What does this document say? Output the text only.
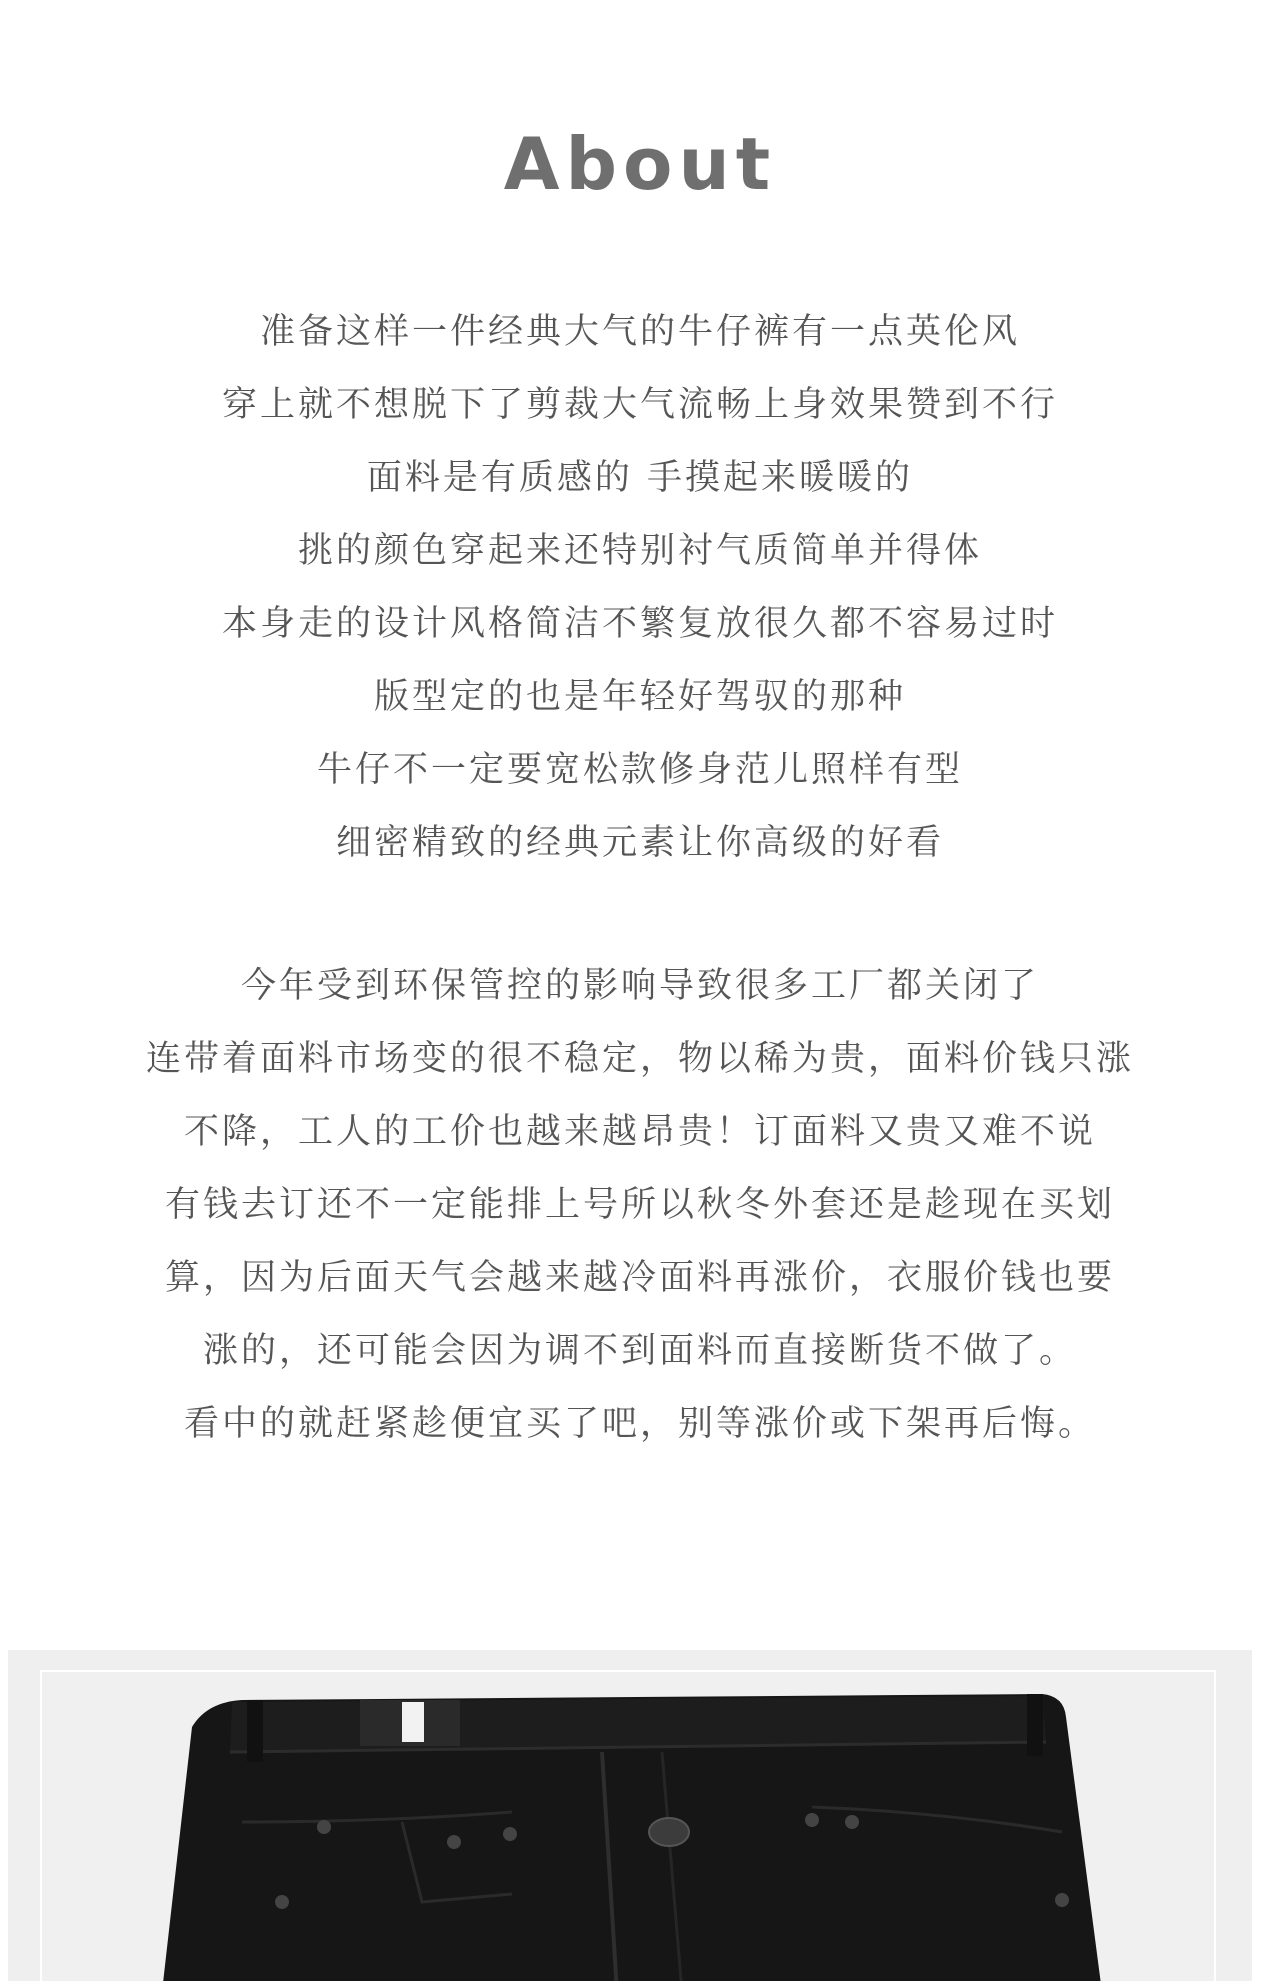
About
准备这样一件经典大气的牛仔裤有一点英伦风
穿上就不想脱下了剪裁大气流畅上身效果赞到不行
面料是有质感的 手摸起来暖暖的
挑的颜色穿起来还特别衬气质简单并得体
本身走的设计风格简洁不繁复放很久都不容易过时
版型定的也是年轻好驾驭的那种
牛仔不一定要宽松款修身范儿照样有型
细密精致的经典元素让你高级的好看
今年受到环保管控的影响导致很多工厂都关闭了
连带着面料市场变的很不稳定，物以稀为贵，面料价钱只涨
不降，工人的工价也越来越昂贵！订面料又贵又难不说
有钱去订还不一定能排上号所以秋冬外套还是趁现在买划
算，因为后面天气会越来越冷面料再涨价，衣服价钱也要
涨的，还可能会因为调不到面料而直接断货不做了。
看中的就赶紧趁便宜买了吧，别等涨价或下架再后悔。
